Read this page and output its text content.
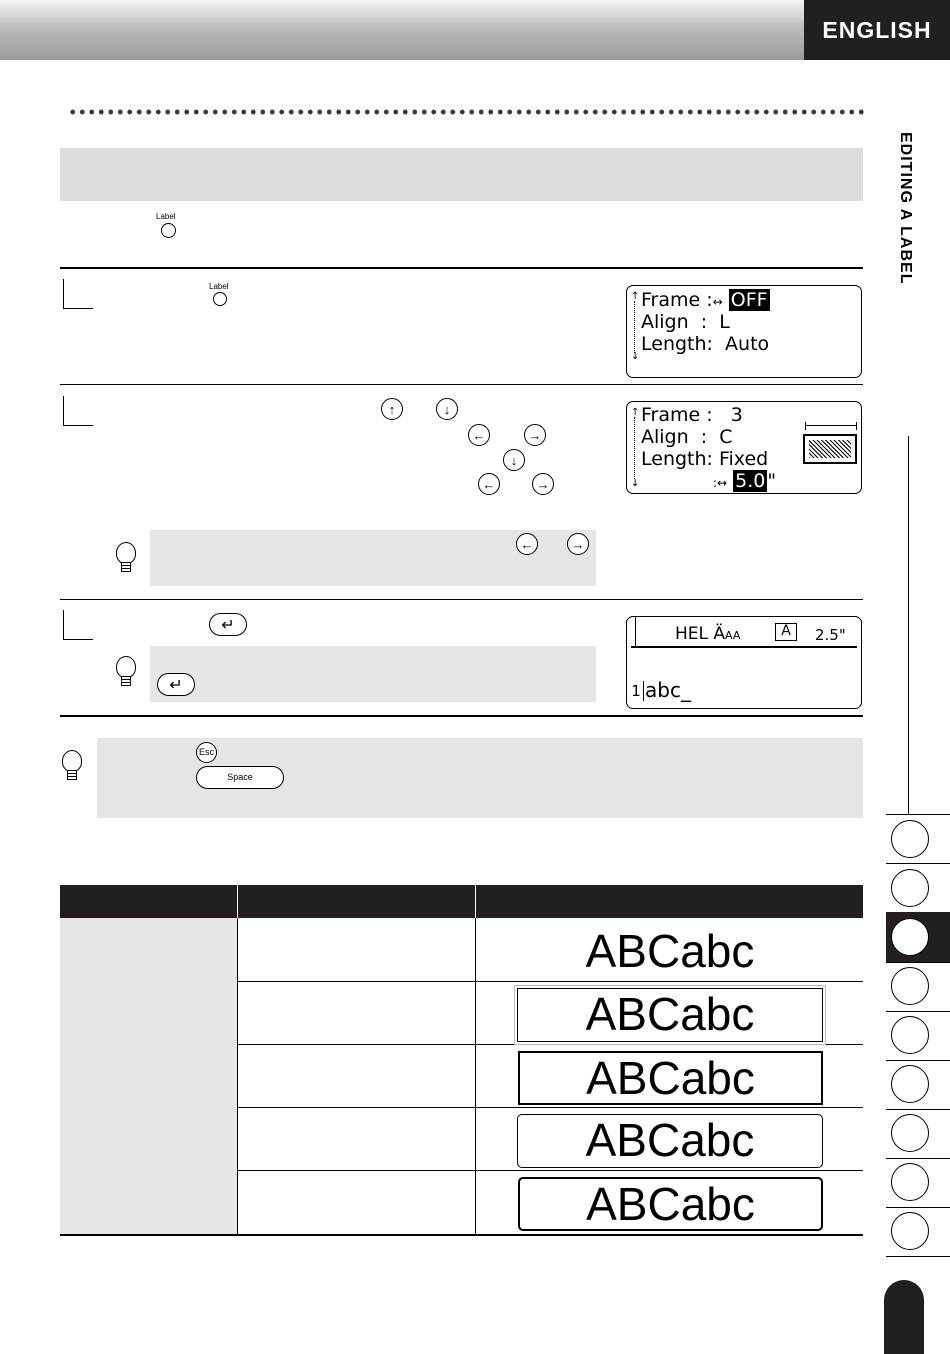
ENGLISH
EDITING A LABEL
Label
Label
↑
↓
Frame :↔ OFF
Align  :  L
Length: Auto
↑	↓
←	→
↓
←	→
↑
↓
Frame :   3
Align  :  C
Length: Fixed
:↔ 5.0 "
←	→
↵	HEL ÄAA	A	2.5"
1 abc_
↵
Esc
Space
ABCabc
ABCabc
ABCabc
ABCabc
ABCabc
